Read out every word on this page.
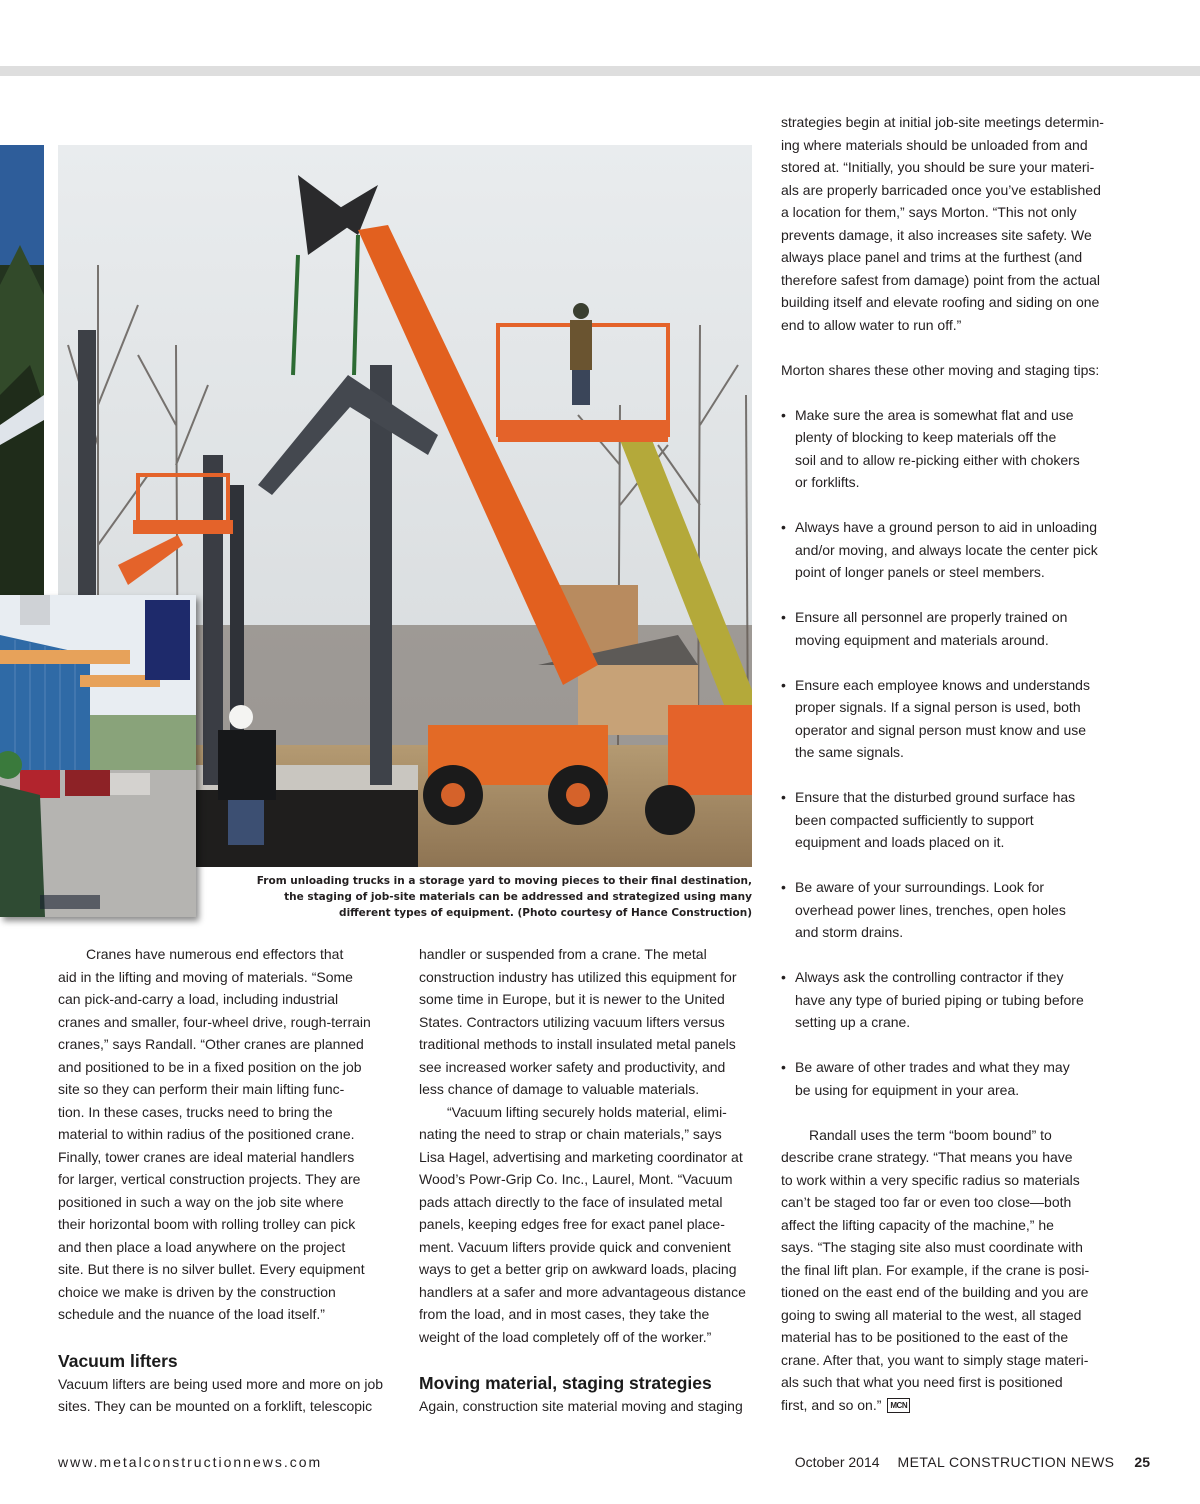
From unloading trucks in a storage yard to moving pieces to their final destination,
the staging of job-site materials can be addressed and strategized using many
different types of equipment. (Photo courtesy of Hance Construction)

Cranes have numerous end effectors that
aid in the lifting and moving of materials. “Some
can pick-and-carry a load, including industrial
cranes and smaller, four-wheel drive, rough-terrain
cranes,” says Randall. “Other cranes are planned
and positioned to be in a fixed position on the job
site so they can perform their main lifting func-
tion. In these cases, trucks need to bring the
material to within radius of the positioned crane.
Finally, tower cranes are ideal material handlers
for larger, vertical construction projects. They are
positioned in such a way on the job site where
their horizontal boom with rolling trolley can pick
and then place a load anywhere on the project
site. But there is no silver bullet. Every equipment
choice we make is driven by the construction
schedule and the nuance of the load itself.”

Vacuum lifters

Vacuum lifters are being used more and more on job
sites. They can be mounted on a forklift, telescopic

handler or suspended from a crane. The metal
construction industry has utilized this equipment for
some time in Europe, but it is newer to the United
States. Contractors utilizing vacuum lifters versus
traditional methods to install insulated metal panels
see increased worker safety and productivity, and
less chance of damage to valuable materials.

“Vacuum lifting securely holds material, elimi-
nating the need to strap or chain materials,” says
Lisa Hagel, advertising and marketing coordinator at
Wood’s Powr-Grip Co. Inc., Laurel, Mont. “Vacuum
pads attach directly to the face of insulated metal
panels, keeping edges free for exact panel place-
ment. Vacuum lifters provide quick and convenient
ways to get a better grip on awkward loads, placing
handlers at a safer and more advantageous distance
from the load, and in most cases, they take the
weight of the load completely off of the worker.”

Moving material, staging strategies

Again, construction site material moving and staging

strategies begin at initial job-site meetings determin-
ing where materials should be unloaded from and
stored at. “Initially, you should be sure your materi-
als are properly barricaded once you’ve established
a location for them,” says Morton. “This not only
prevents damage, it also increases site safety. We
always place panel and trims at the furthest (and
therefore safest from damage) point from the actual
building itself and elevate roofing and siding on one
end to allow water to run off.”

Morton shares these other moving and staging tips:

• Make sure the area is somewhat flat and use
plenty of blocking to keep materials off the
soil and to allow re-picking either with chokers
or forklifts.
• Always have a ground person to aid in unloading
and/or moving, and always locate the center pick
point of longer panels or steel members.
• Ensure all personnel are properly trained on
moving equipment and materials around.
• Ensure each employee knows and understands
proper signals. If a signal person is used, both
operator and signal person must know and use
the same signals.
• Ensure that the disturbed ground surface has
been compacted sufficiently to support
equipment and loads placed on it.
• Be aware of your surroundings. Look for
overhead power lines, trenches, open holes
and storm drains.
• Always ask the controlling contractor if they
have any type of buried piping or tubing before
setting up a crane.
• Be aware of other trades and what they may
be using for equipment in your area.

Randall uses the term “boom bound” to
describe crane strategy. “That means you have
to work within a very specific radius so materials
can’t be staged too far or even too close—both
affect the lifting capacity of the machine,” he
says. “The staging site also must coordinate with
the final lift plan. For example, if the crane is posi-
tioned on the east end of the building and you are
going to swing all material to the west, all staged
material has to be positioned to the east of the
crane. After that, you want to simply stage materi-
als such that what you need first is positioned
first, and so on.” MCN

www.metalconstructionnews.com	October 2014 METAL CONSTRUCTION NEWS 25
